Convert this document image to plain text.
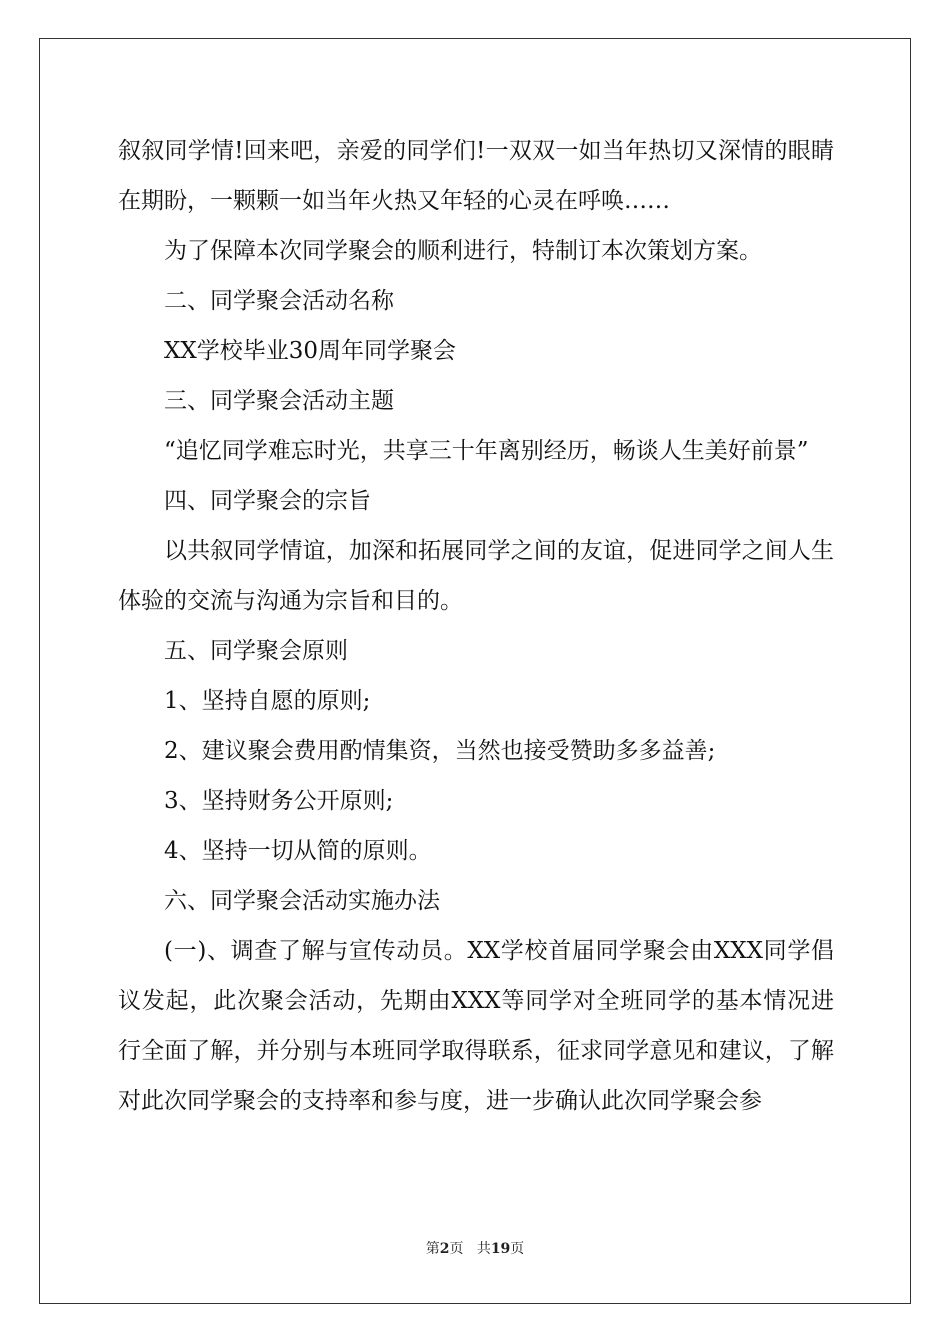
叙叙同学情!回来吧，亲爱的同学们!一双双一如当年热切又深情的眼睛在期盼，一颗颗一如当年火热又年轻的心灵在呼唤……

为了保障本次同学聚会的顺利进行，特制订本次策划方案。

二、同学聚会活动名称

XX学校毕业30周年同学聚会

三、同学聚会活动主题

“追忆同学难忘时光，共享三十年离别经历，畅谈人生美好前景”

四、同学聚会的宗旨

以共叙同学情谊，加深和拓展同学之间的友谊，促进同学之间人生体验的交流与沟通为宗旨和目的。

五、同学聚会原则

1、坚持自愿的原则;

2、建议聚会费用酌情集资，当然也接受赞助多多益善;

3、坚持财务公开原则;

4、坚持一切从简的原则。

六、同学聚会活动实施办法

(一)、调查了解与宣传动员。XX学校首届同学聚会由XXX同学倡议发起，此次聚会活动，先期由XXX等同学对全班同学的基本情况进行全面了解，并分别与本班同学取得联系，征求同学意见和建议，了解对此次同学聚会的支持率和参与度，进一步确认此次同学聚会参

第2页 共19页
